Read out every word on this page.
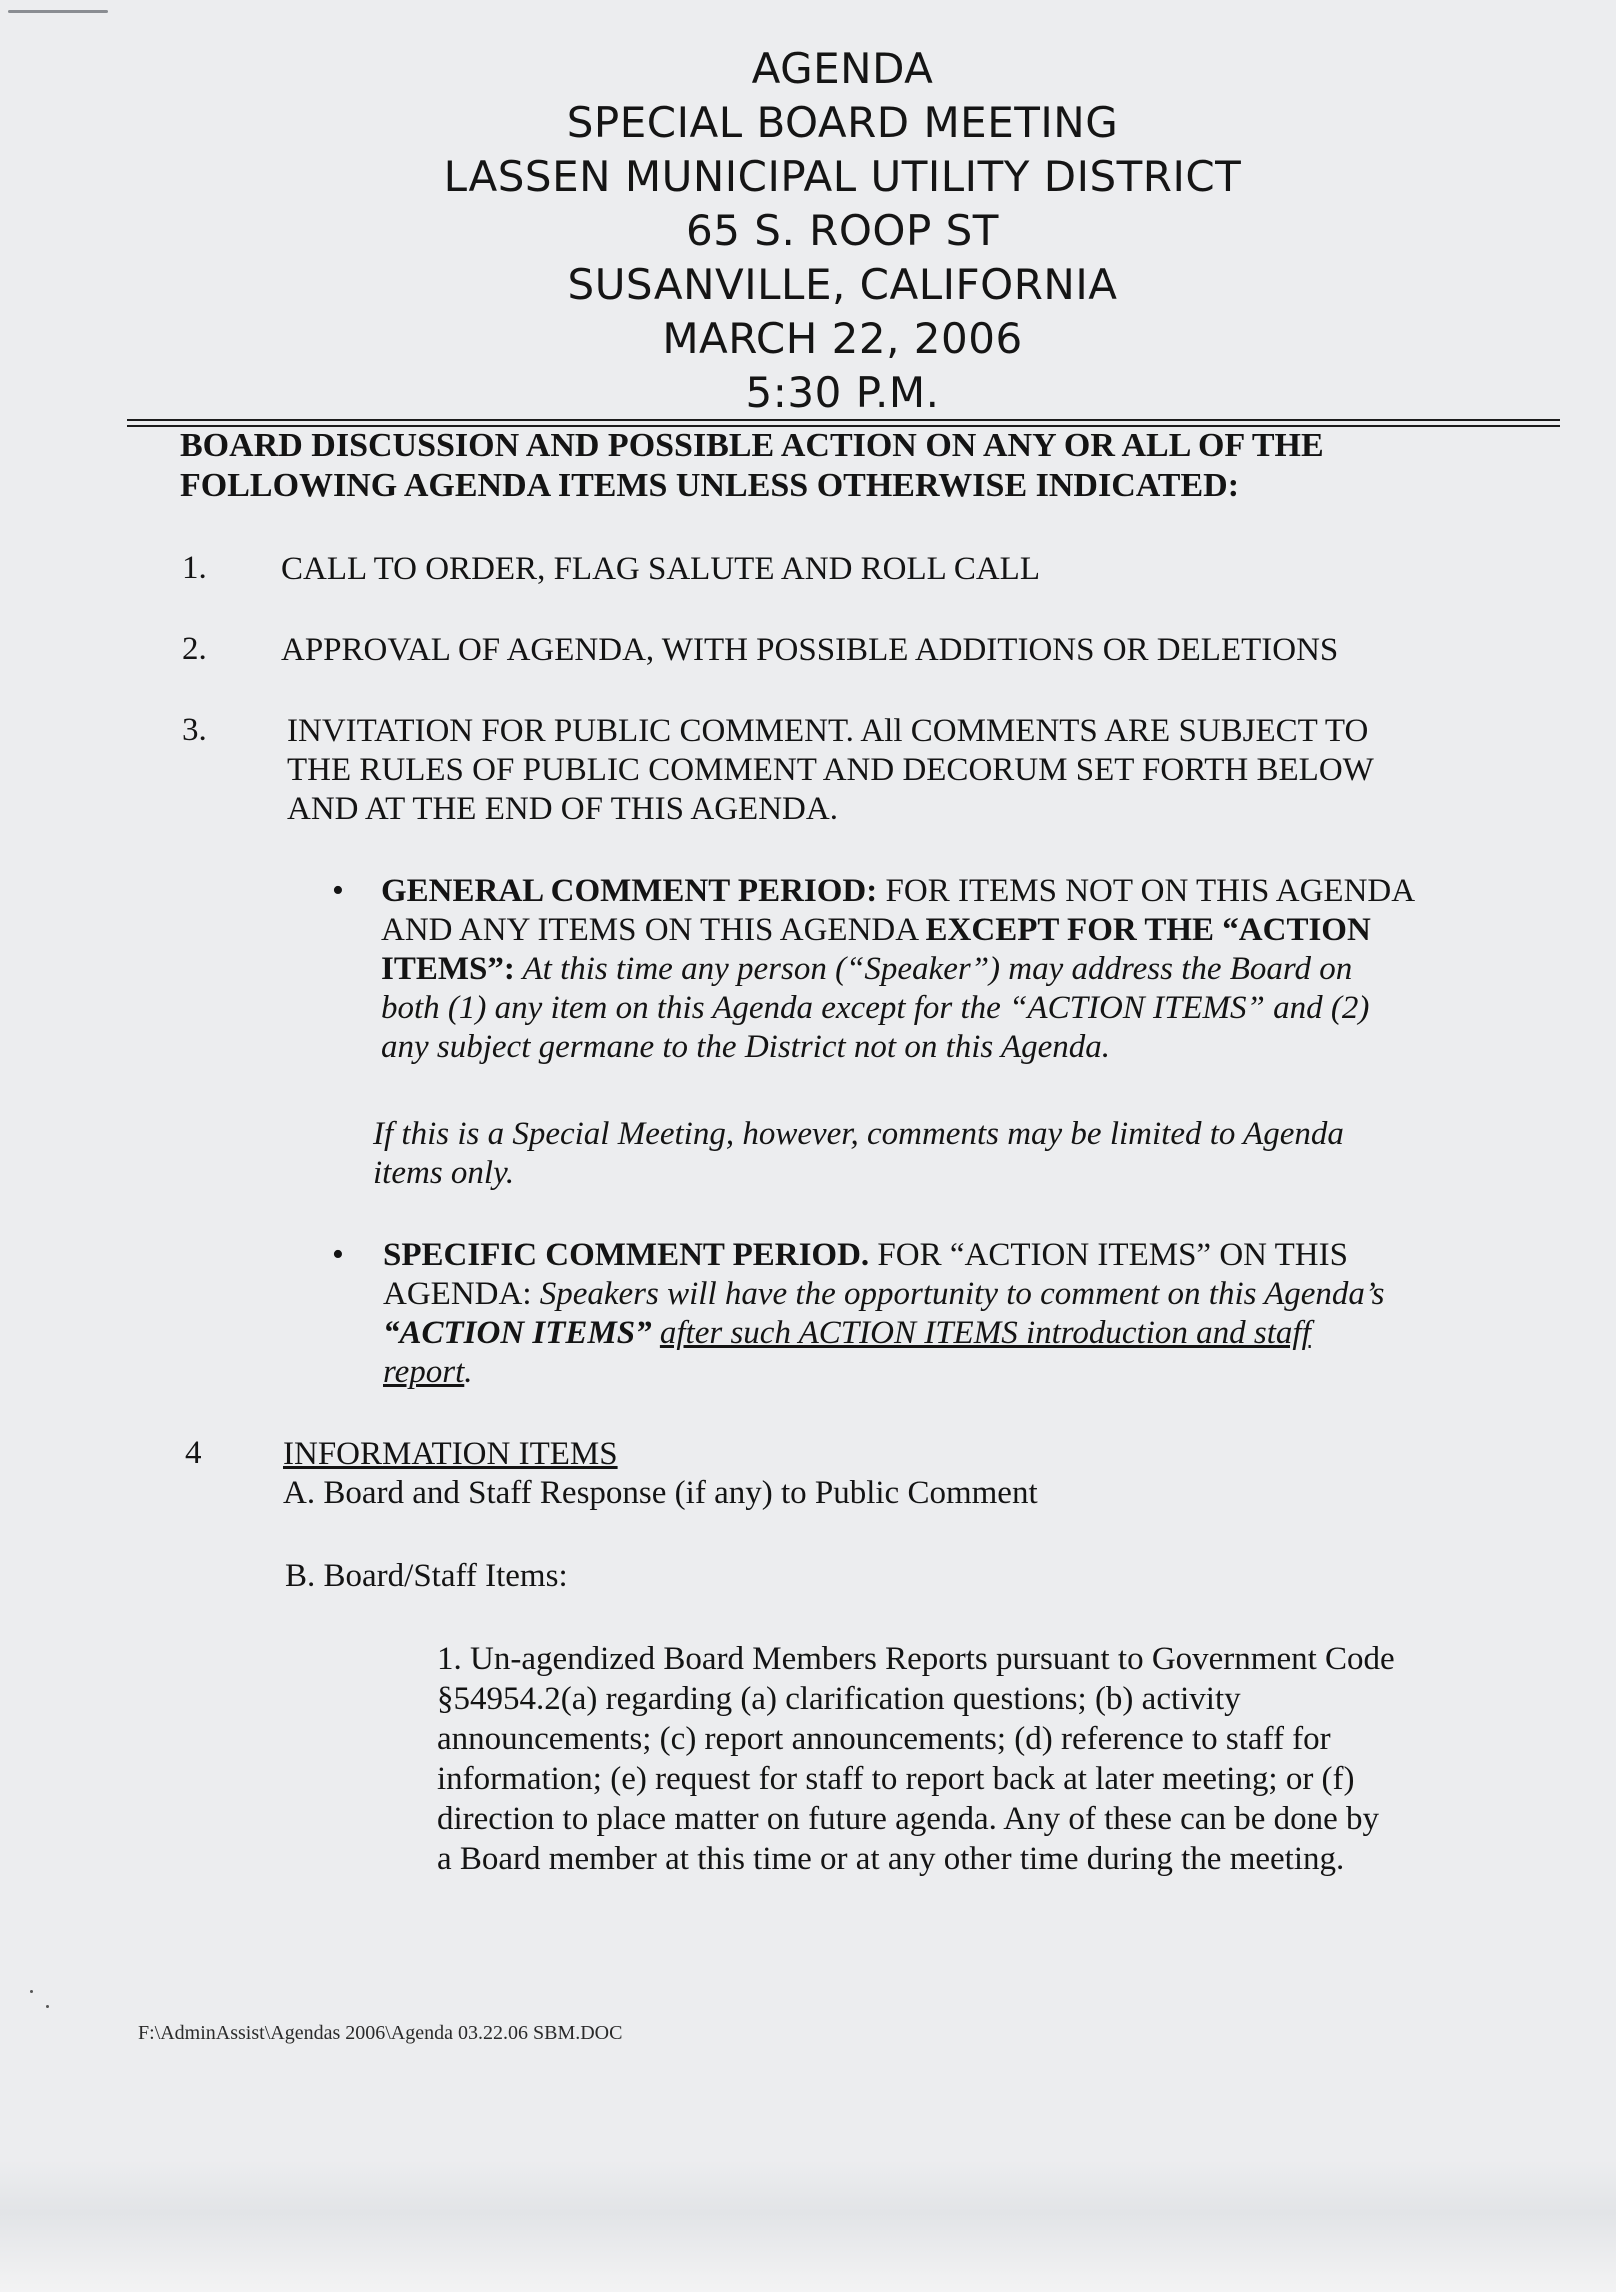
AGENDA
SPECIAL BOARD MEETING
LASSEN MUNICIPAL UTILITY DISTRICT
65 S. ROOP ST
SUSANVILLE, CALIFORNIA
MARCH 22, 2006
5:30 P.M.
BOARD DISCUSSION AND POSSIBLE ACTION ON ANY OR ALL OF THE
FOLLOWING AGENDA ITEMS UNLESS OTHERWISE INDICATED:
1. CALL TO ORDER, FLAG SALUTE AND ROLL CALL
2. APPROVAL OF AGENDA, WITH POSSIBLE ADDITIONS OR DELETIONS
3. INVITATION FOR PUBLIC COMMENT. All COMMENTS ARE SUBJECT TO
THE RULES OF PUBLIC COMMENT AND DECORUM SET FORTH BELOW
AND AT THE END OF THIS AGENDA.
• GENERAL COMMENT PERIOD: FOR ITEMS NOT ON THIS AGENDA
AND ANY ITEMS ON THIS AGENDA EXCEPT FOR THE “ACTION
ITEMS”: At this time any person (“Speaker”) may address the Board on
both (1) any item on this Agenda except for the “ACTION ITEMS” and (2)
any subject germane to the District not on this Agenda.
If this is a Special Meeting, however, comments may be limited to Agenda
items only.
• SPECIFIC COMMENT PERIOD. FOR “ACTION ITEMS” ON THIS
AGENDA: Speakers will have the opportunity to comment on this Agenda’s
“ACTION ITEMS” after such ACTION ITEMS introduction and staff
report.
4 INFORMATION ITEMS
A. Board and Staff Response (if any) to Public Comment
B. Board/Staff Items:
1. Un-agendized Board Members Reports pursuant to Government Code
§54954.2(a) regarding (a) clarification questions; (b) activity
announcements; (c) report announcements; (d) reference to staff for
information; (e) request for staff to report back at later meeting; or (f)
direction to place matter on future agenda. Any of these can be done by
a Board member at this time or at any other time during the meeting.
F:\AdminAssist\Agendas 2006\Agenda 03.22.06 SBM.DOC
